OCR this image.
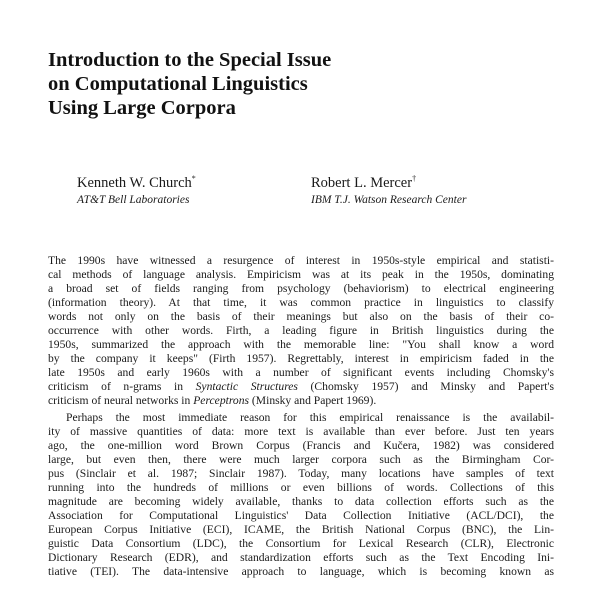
Introduction to the Special Issue
on Computational Linguistics
Using Large Corpora
Kenneth W. Church*
AT&T Bell Laboratories
Robert L. Mercer†
IBM T.J. Watson Research Center
The 1990s have witnessed a resurgence of interest in 1950s-style empirical and statisti-
cal methods of language analysis. Empiricism was at its peak in the 1950s, dominating
a broad set of fields ranging from psychology (behaviorism) to electrical engineering
(information theory). At that time, it was common practice in linguistics to classify
words not only on the basis of their meanings but also on the basis of their co-
occurrence with other words. Firth, a leading figure in British linguistics during the
1950s, summarized the approach with the memorable line: "You shall know a word
by the company it keeps" (Firth 1957). Regrettably, interest in empiricism faded in the
late 1950s and early 1960s with a number of significant events including Chomsky's
criticism of n-grams in Syntactic Structures (Chomsky 1957) and Minsky and Papert's
criticism of neural networks in Perceptrons (Minsky and Papert 1969).
Perhaps the most immediate reason for this empirical renaissance is the availabil-
ity of massive quantities of data: more text is available than ever before. Just ten years
ago, the one-million word Brown Corpus (Francis and Kučera, 1982) was considered
large, but even then, there were much larger corpora such as the Birmingham Cor-
pus (Sinclair et al. 1987; Sinclair 1987). Today, many locations have samples of text
running into the hundreds of millions or even billions of words. Collections of this
magnitude are becoming widely available, thanks to data collection efforts such as the
Association for Computational Linguistics' Data Collection Initiative (ACL/DCI), the
European Corpus Initiative (ECI), ICAME, the British National Corpus (BNC), the Lin-
guistic Data Consortium (LDC), the Consortium for Lexical Research (CLR), Electronic
Dictionary Research (EDR), and standardization efforts such as the Text Encoding Ini-
tiative (TEI). The data-intensive approach to language, which is becoming known as
